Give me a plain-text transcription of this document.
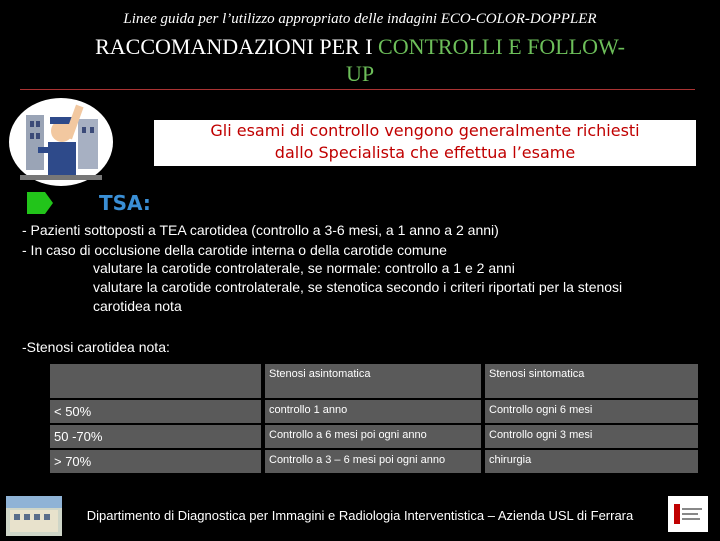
Linee guida per l’utilizzo appropriato delle indagini ECO-COLOR-DOPPLER
RACCOMANDAZIONI PER I CONTROLLI E FOLLOW-
UP
Gli esami di controllo vengono generalmente richiesti
dallo Specialista che effettua l’esame
TSA:
- Pazienti sottoposti a TEA carotidea (controllo a 3-6 mesi, a 1 anno a 2 anni)
- In caso di occlusione della carotide interna o della carotide comune
valutare la carotide controlaterale, se normale: controllo a 1 e 2 anni
valutare la carotide controlaterale, se stenotica secondo i criteri riportati per la stenosi
carotidea nota
-Stenosi carotidea nota:
	Stenosi asintomatica	Stenosi sintomatica
< 50%	controllo 1 anno	Controllo ogni 6 mesi
50 -70%	Controllo a 6 mesi poi ogni anno	Controllo ogni 3 mesi
> 70%	Controllo a 3 – 6 mesi poi ogni anno	chirurgia
Dipartimento di Diagnostica per Immagini e Radiologia Interventistica – Azienda USL di Ferrara
